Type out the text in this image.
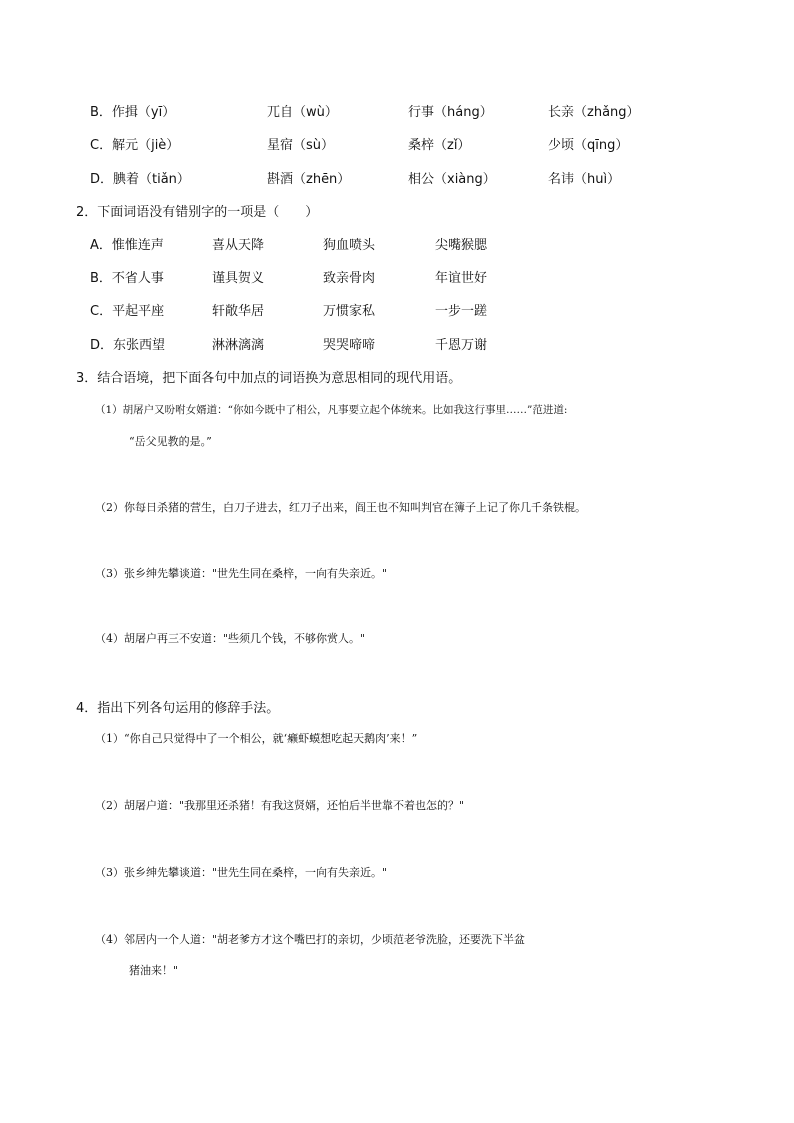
B．作揖（yī）	兀自（wù）	行事（háng）	长亲（zhǎng）
C．解元（jiè）	星宿（sù）	桑梓（zǐ）	少顷（qīng）
D．腆着（tiǎn）	斟酒（zhēn）	相公（xiàng）	名讳（huì）
2．下面词语没有错别字的一项是（　　）
A．惟惟连声	喜从天降	狗血喷头	尖嘴猴腮
B．不省人事	谨具贺义	致亲骨肉	年谊世好
C．平起平座	轩敞华居	万惯家私	一步一蹉
D．东张西望	淋淋漓漓	哭哭啼啼	千恩万谢
3．结合语境，把下面各句中加点的词语换为意思相同的现代用语。
（1）胡屠户又吩咐女婿道：“你如今既中了相公，凡事要立起个体统来。比如我这行事里……”范进道:
“岳父见教的是。”
（2）你每日杀猪的营生，白刀子进去，红刀子出来，阎王也不知叫判官在簿子上记了你几千条铁棍。
（3）张乡绅先攀谈道："世先生同在桑梓，一向有失亲近。"
（4）胡屠户再三不安道："些须几个钱，不够你赏人。"
4．指出下列各句运用的修辞手法。
（1）“你自己只觉得中了一个相公，就‘癞虾蟆想吃起天鹅肉’来！”
（2）胡屠户道："我那里还杀猪！有我这贤婿，还怕后半世靠不着也怎的？"
（3）张乡绅先攀谈道："世先生同在桑梓，一向有失亲近。"
（4）邻居内一个人道："胡老爹方才这个嘴巴打的亲切，少顷范老爷洗脸，还要洗下半盆
猪油来！"
